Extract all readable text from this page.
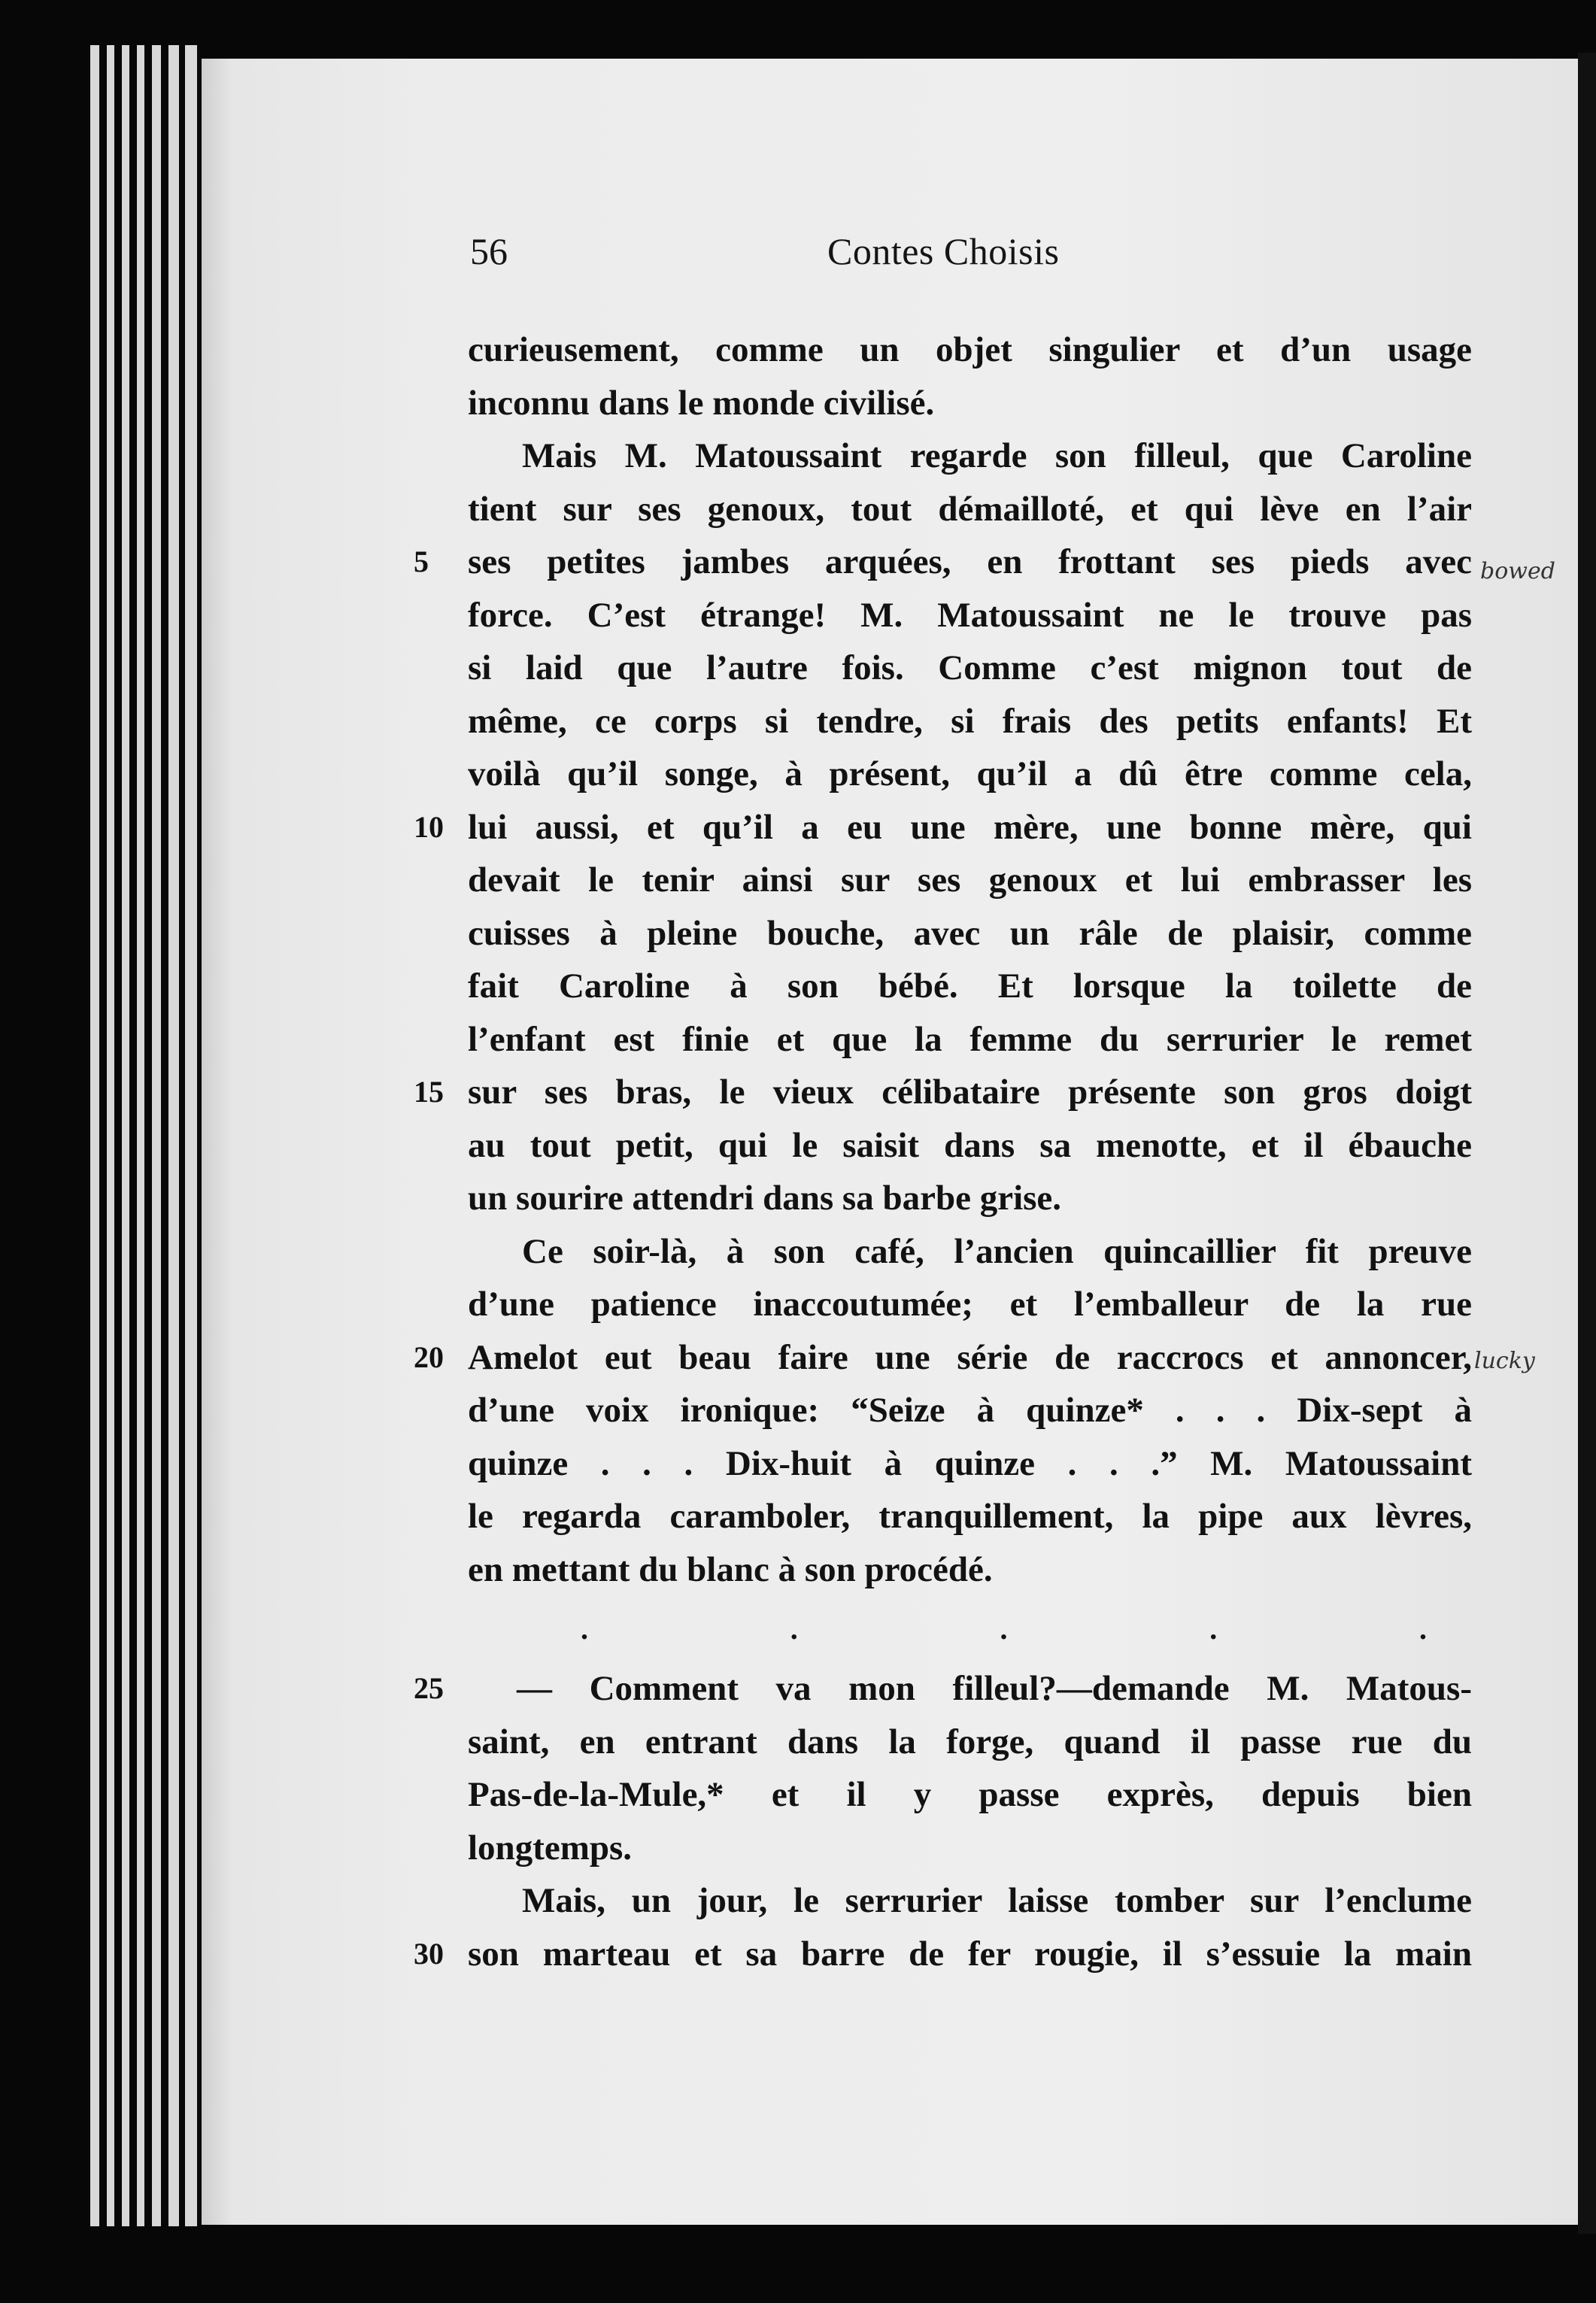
56	Contes Choisis
curieusement, comme un objet singulier et d’un usage
inconnu dans le monde civilisé.
Mais M. Matoussaint regarde son filleul, que Caroline
tient sur ses genoux, tout démailloté, et qui lève en l’air
5	ses petites jambes arquées, en frottant ses pieds avec
force. C’est étrange! M. Matoussaint ne le trouve pas
si laid que l’autre fois. Comme c’est mignon tout de
même, ce corps si tendre, si frais des petits enfants! Et
voilà qu’il songe, à présent, qu’il a dû être comme cela,
10 lui aussi, et qu’il a eu une mère, une bonne mère, qui
devait le tenir ainsi sur ses genoux et lui embrasser les
cuisses à pleine bouche, avec un râle de plaisir, comme
fait Caroline à son bébé. Et lorsque la toilette de
l’enfant est finie et que la femme du serrurier le remet
15 sur ses bras, le vieux célibataire présente son gros doigt
au tout petit, qui le saisit dans sa menotte, et il ébauche
un sourire attendri dans sa barbe grise.
Ce soir-là, à son café, l’ancien quincaillier fit preuve
d’une patience inaccoutumée; et l’emballeur de la rue
20 Amelot eut beau faire une série de raccrocs et annoncer,
d’une voix ironique: “Seize à quinze* . . . Dix-sept à
quinze . . . Dix-huit à quinze . . .” M. Matoussaint
le regarda caramboler, tranquillement, la pipe aux lèvres,
en mettant du blanc à son procédé.
.	.	.	.	.
25	— Comment va mon filleul?—demande M. Matous-
saint, en entrant dans la forge, quand il passe rue du
Pas-de-la-Mule,* et il y passe exprès, depuis bien
longtemps.
Mais, un jour, le serrurier laisse tomber sur l’enclume
30 son marteau et sa barre de fer rougie, il s’essuie la main
bowed
lucky
